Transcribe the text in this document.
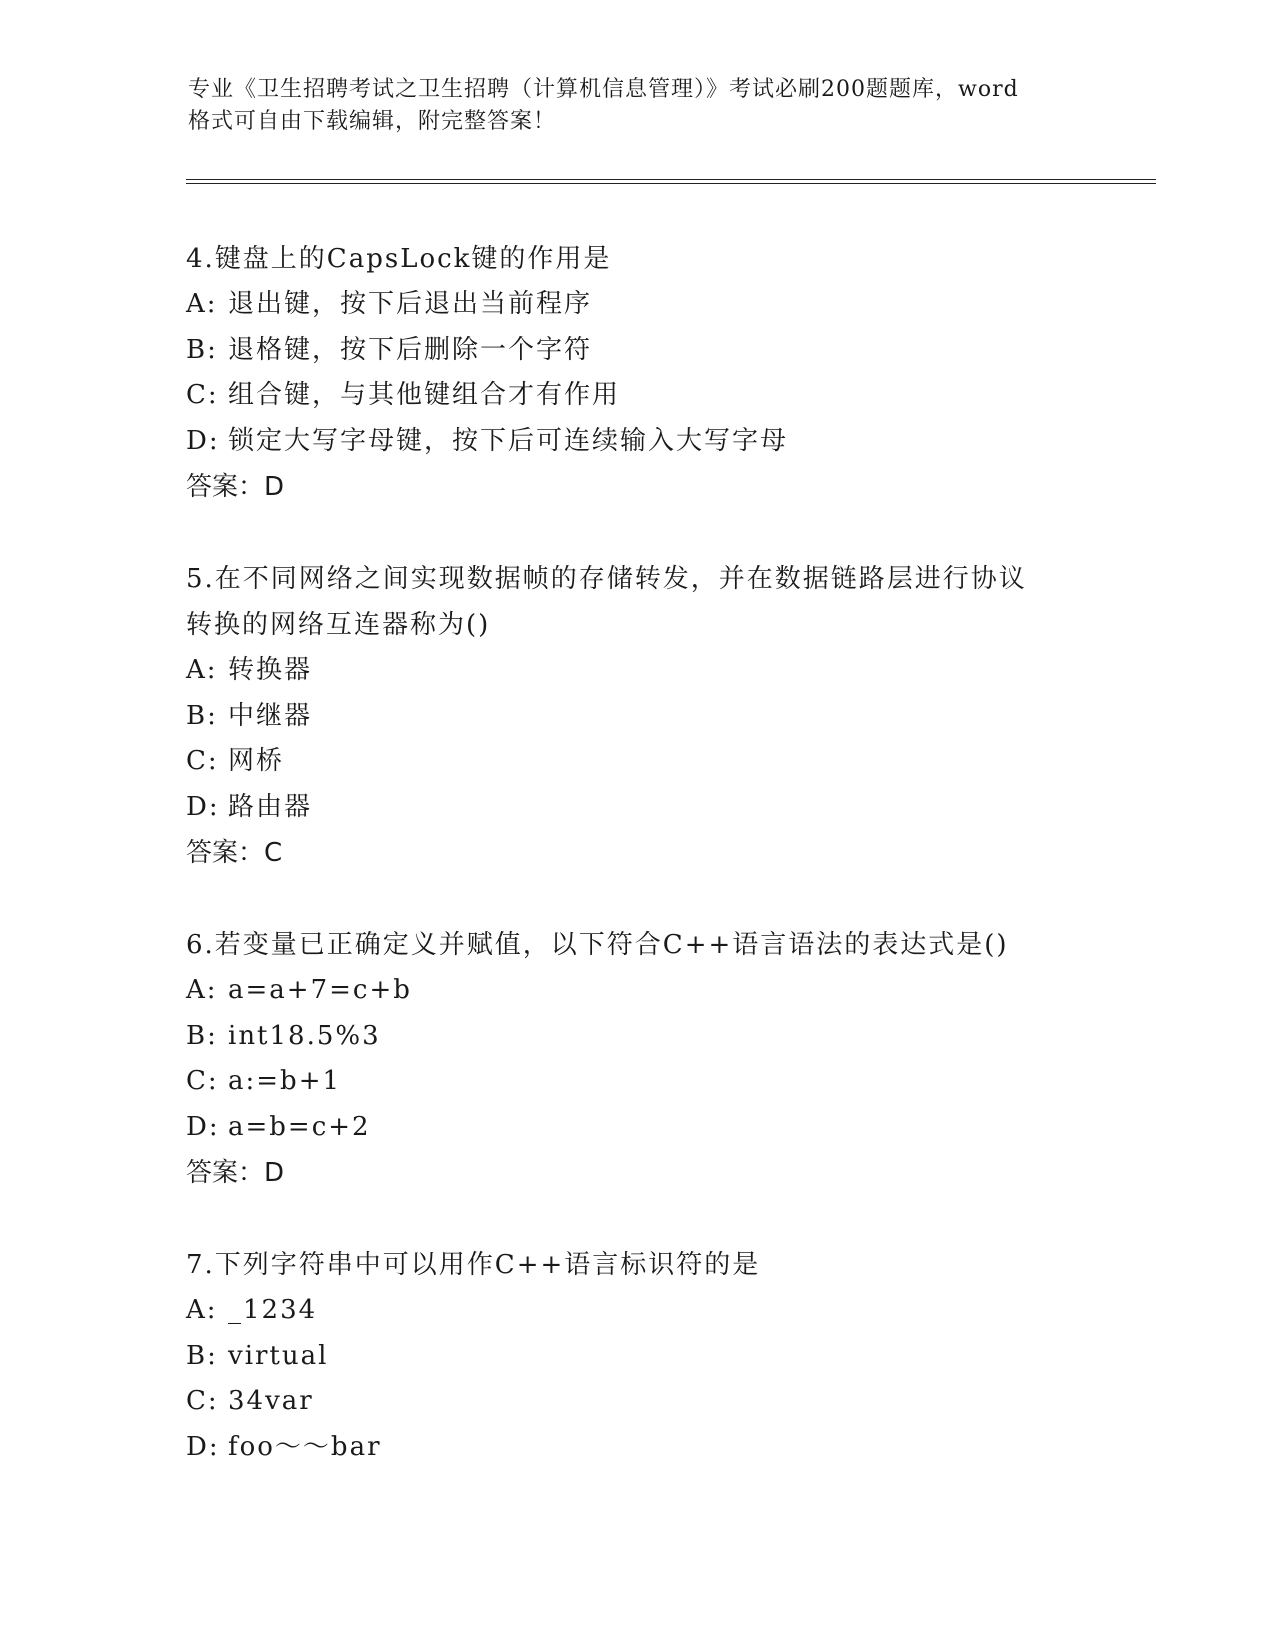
专业《卫生招聘考试之卫生招聘（计算机信息管理）》考试必刷200题题库，word
格式可自由下载编辑，附完整答案！

4.键盘上的CapsLock键的作用是

A: 退出键，按下后退出当前程序
B: 退格键，按下后删除一个字符
C: 组合键，与其他键组合才有作用
D: 锁定大写字母键，按下后可连续输入大写字母
答案：D

5.在不同网络之间实现数据帧的存储转发，并在数据链路层进行协议

转换的网络互连器称为()

A: 转换器
B: 中继器
C: 网桥
D: 路由器
答案：C

6.若变量已正确定义并赋值，以下符合C++语言语法的表达式是()

A: a=a+7=c+b
B: int18.5%3
C: a:=b+1
D: a=b=c+2
答案：D

7.下列字符串中可以用作C++语言标识符的是

A: _1234
B: virtual
C: 34var
D: foo～～bar
